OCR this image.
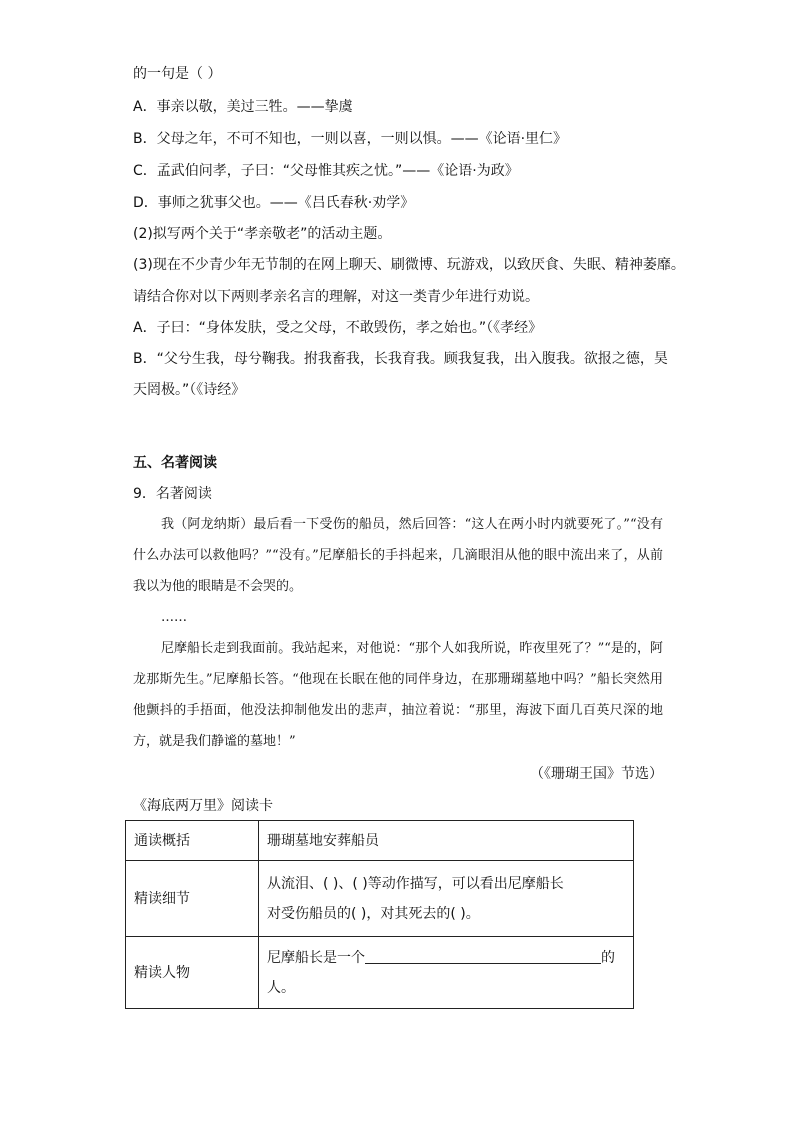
的一句是（ ）
A．事亲以敬，美过三牲。——挚虞
B．父母之年，不可不知也，一则以喜，一则以惧。——《论语·里仁》
C．孟武伯问孝，子曰：“父母惟其疾之忧。”——《论语·为政》
D．事师之犹事父也。——《吕氏春秋·劝学》
(2)拟写两个关于“孝亲敬老”的活动主题。
(3)现在不少青少年无节制的在网上聊天、刷微博、玩游戏，以致厌食、失眠、精神萎靡。
请结合你对以下两则孝亲名言的理解，对这一类青少年进行劝说。
A．子曰：“身体发肤，受之父母，不敢毁伤，孝之始也。”（《孝经》
B．“父兮生我，母兮鞠我。拊我畜我，长我育我。顾我复我，出入腹我。欲报之德，昊
天罔极。”（《诗经》
五、名著阅读
9．名著阅读

我（阿龙纳斯）最后看一下受伤的船员，然后回答：“这人在两小时内就要死了。”“没有什么办法可以救他吗？”“没有。”尼摩船长的手抖起来，几滴眼泪从他的眼中流出来了，从前我以为他的眼睛是不会哭的。

……

尼摩船长走到我面前。我站起来，对他说：“那个人如我所说，昨夜里死了？”“是的，阿龙那斯先生。”尼摩船长答。“他现在长眠在他的同伴身边，在那珊瑚墓地中吗？”船长突然用他颤抖的手捂面，他没法抑制他发出的悲声，抽泣着说：“那里，海波下面几百英尺深的地方，就是我们静谧的墓地！”

（《珊瑚王国》节选）
《海底两万里》阅读卡
通读概括	珊瑚墓地安葬船员
精读细节	从流泪、( )、( )等动作描写，可以看出尼摩船长
对受伤船员的( )，对其死去的( )。

精读人物	尼摩船长是一个 的
人。
